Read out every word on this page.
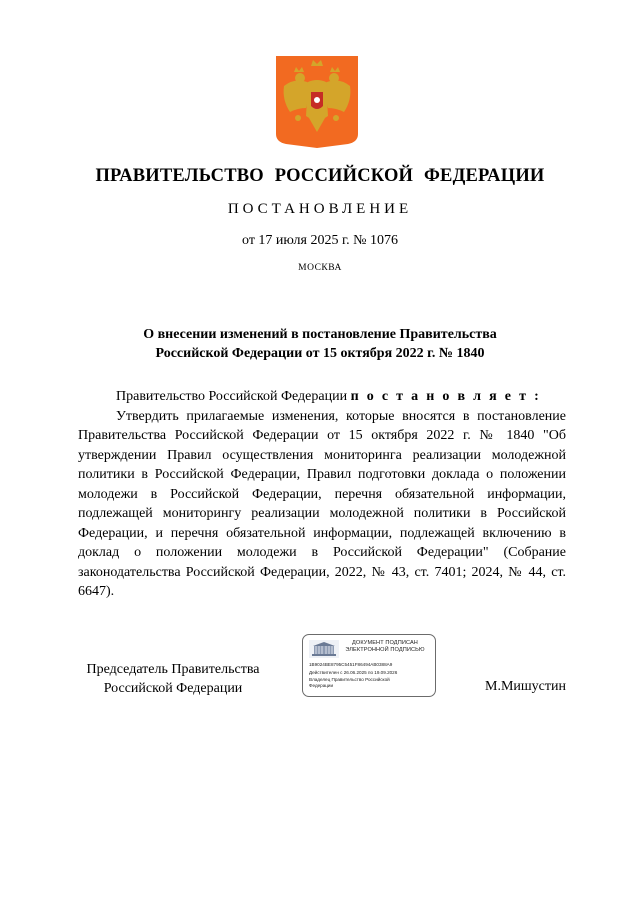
ПРАВИТЕЛЬСТВО РОССИЙСКОЙ ФЕДЕРАЦИИ
ПОСТАНОВЛЕНИЕ
от 17 июля 2025 г. № 1076
МОСКВА
О внесении изменений в постановление Правительства
Российской Федерации от 15 октября 2022 г. № 1840

Правительство Российской Федерации п о с т а н о в л я е т :

Утвердить прилагаемые изменения, которые вносятся в постановление Правительства Российской Федерации от 15 октября 2022 г. № 1840 "Об утверждении Правил осуществления мониторинга реализации молодежной политики в Российской Федерации, Правил подготовки доклада о положении молодежи в Российской Федерации, перечня обязательной информации, подлежащей мониторингу реализации молодежной политики в Российской Федерации, и перечня обязательной информации, подлежащей включению в доклад о положении молодежи в Российской Федерации" (Собрание законодательства Российской Федерации, 2022, № 43, ст. 7401; 2024, № 44, ст. 6647).

Председатель Правительства
Российской Федерации
ДОКУМЕНТ ПОДПИСАН
ЭЛЕКТРОННОЙ ПОДПИСЬЮ
1B9024BE8795C5451F86494AB0388A9
Действителен с 26.06.2025 по 19.09.2026
Владелец Правительство Российской
Федерации	М.Мишустин
